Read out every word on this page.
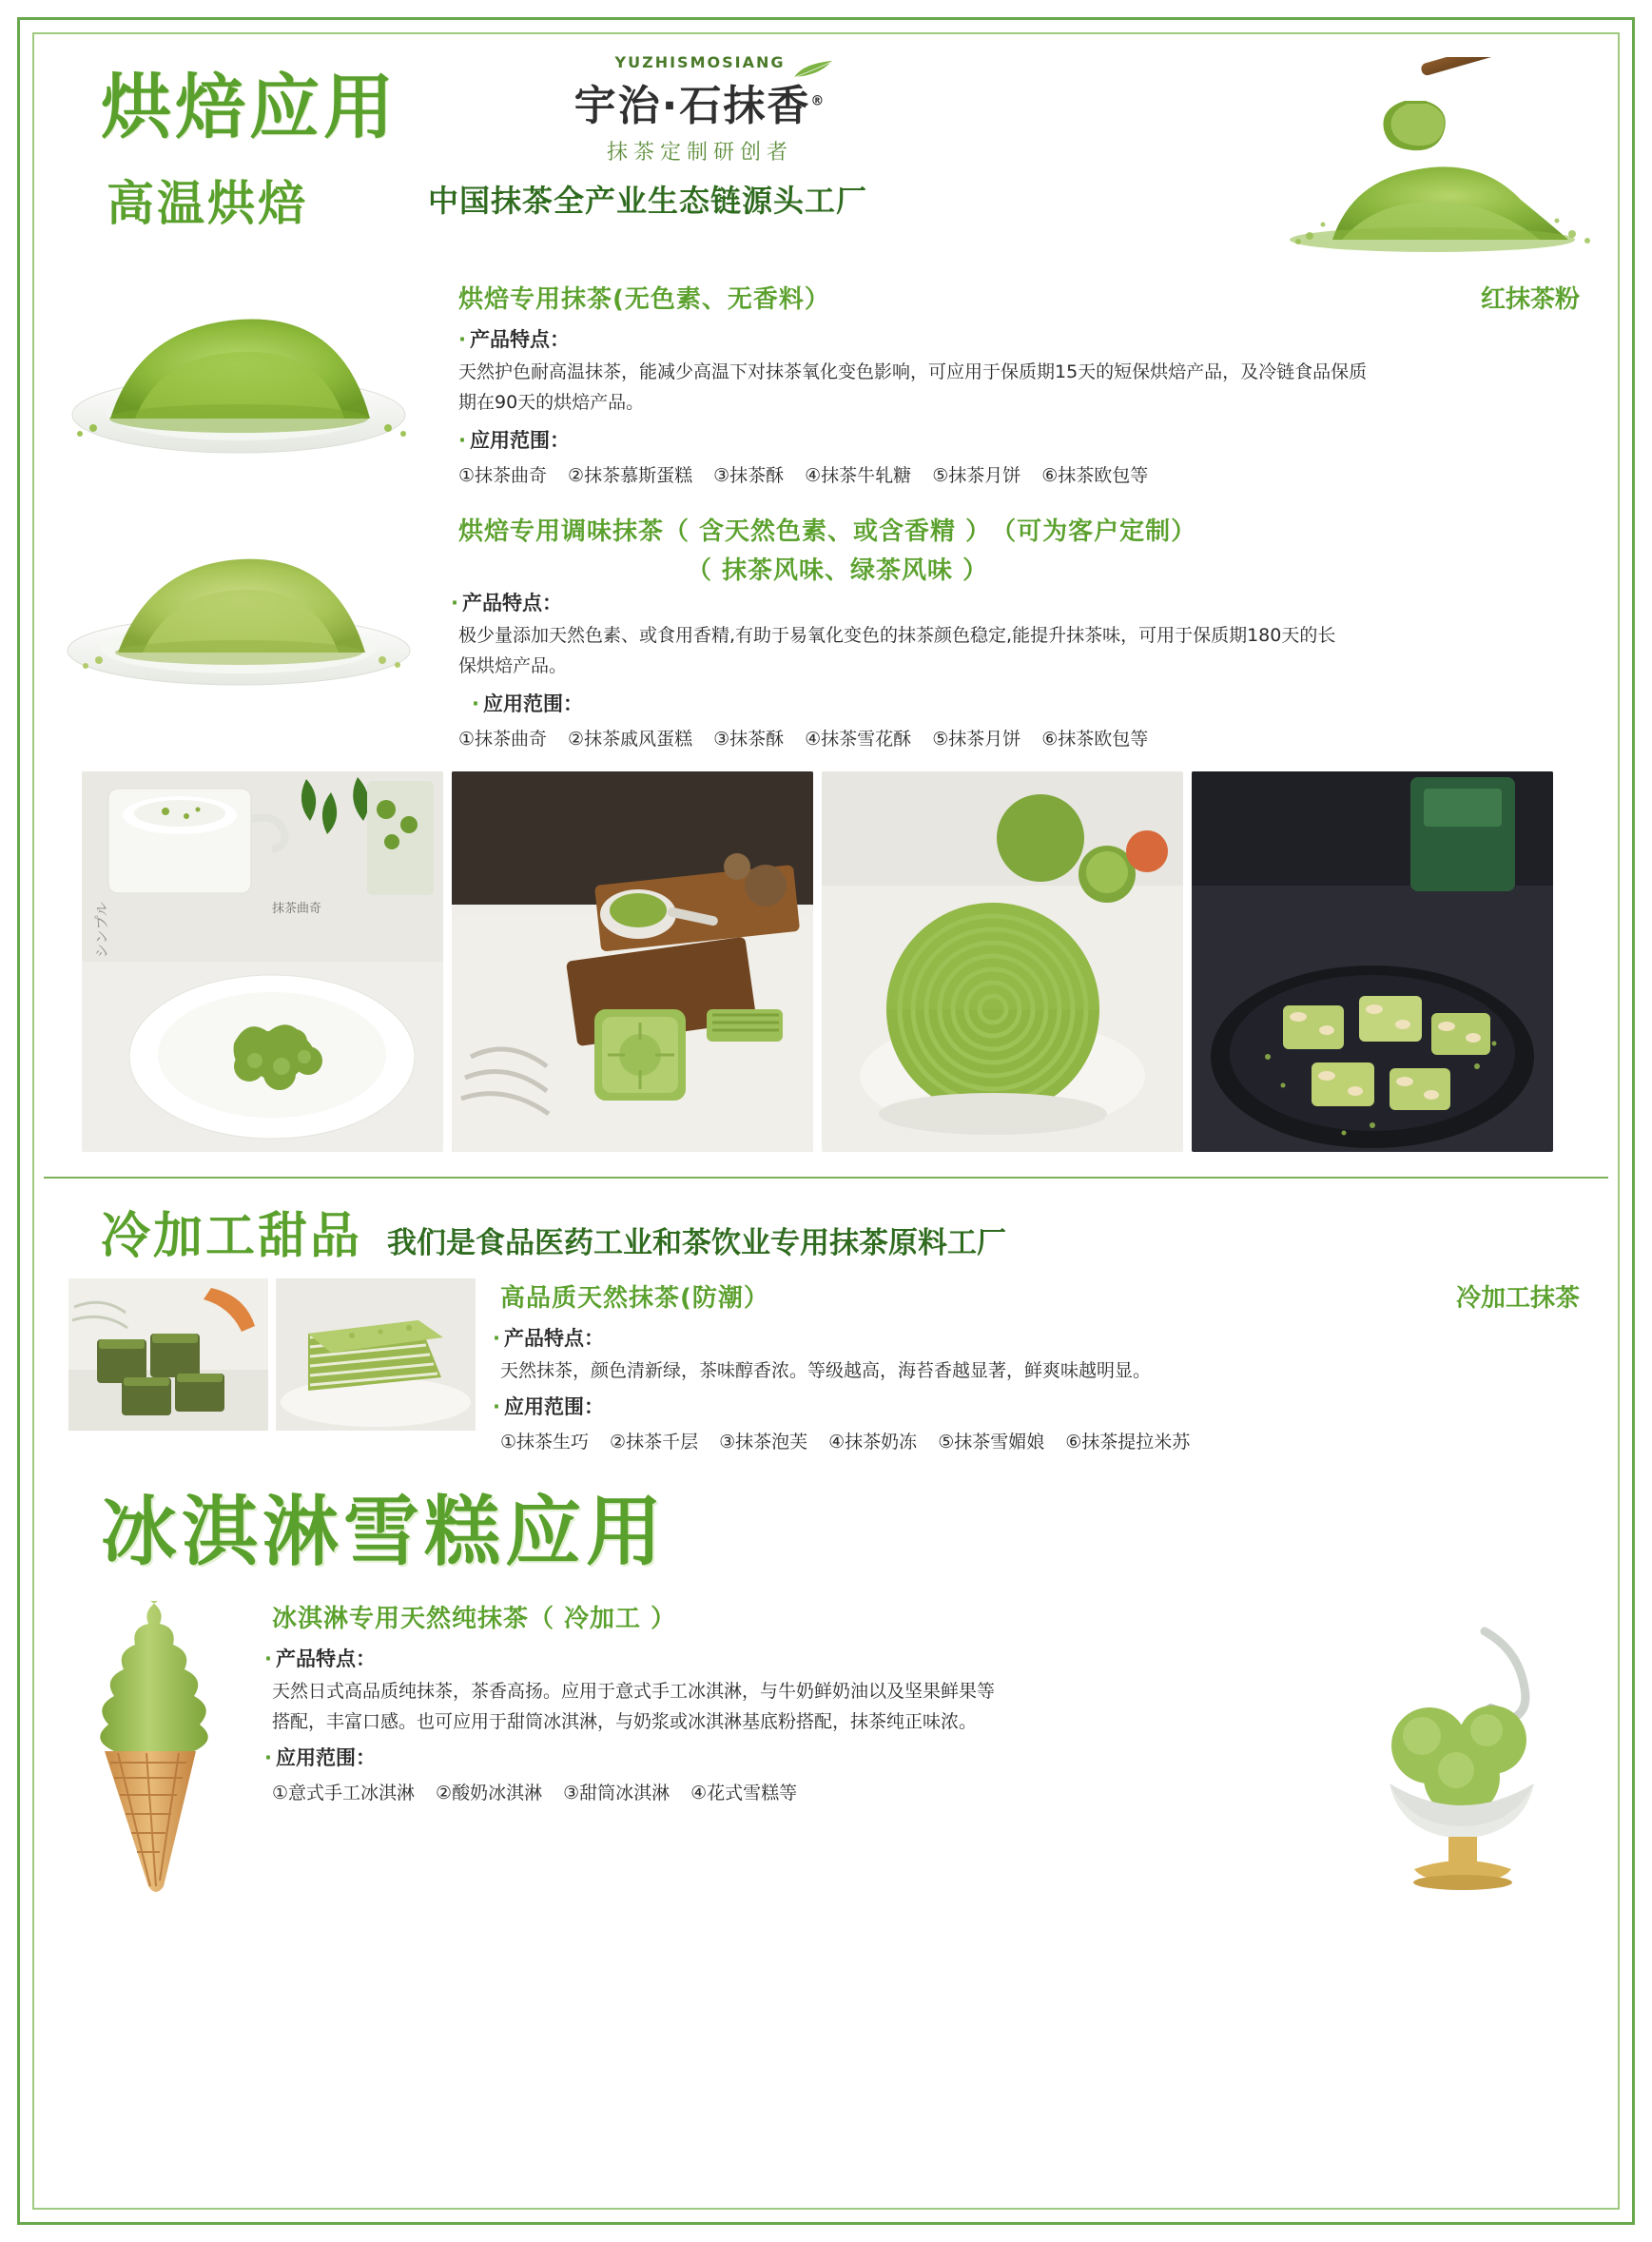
烘焙应用
高温烘焙	中国抹茶全产业生态链源头工厂
YUZHISMOSIANG
宇治·石抹香®
抹茶定制研创者
烘焙专用抹茶(无色素、无香料）	红抹茶粉
· 产品特点：
天然护色耐高温抹茶，能减少高温下对抹茶氧化变色影响，可应用于保质期15天的短保烘焙产品，及冷链食品保质期在90天的烘焙产品。
· 应用范围：
①抹茶曲奇 ②抹茶慕斯蛋糕 ③抹茶酥 ④抹茶牛轧糖 ⑤抹茶月饼 ⑥抹茶欧包等
烘焙专用调味抹茶（ 含天然色素、或含香精 ） （可为客户定制）
（ 抹茶风味、绿茶风味 ）
· 产品特点：
极少量添加天然色素、或食用香精,有助于易氧化变色的抹茶颜色稳定,能提升抹茶味，可用于保质期180天的长保烘焙产品。
· 应用范围：
①抹茶曲奇 ②抹茶戚风蛋糕 ③抹茶酥 ④抹茶雪花酥 ⑤抹茶月饼 ⑥抹茶欧包等
シンプル	抹茶曲奇
冷加工甜品 我们是食品医药工业和茶饮业专用抹茶原料工厂
高品质天然抹茶(防潮）	冷加工抹茶
· 产品特点：
天然抹茶，颜色清新绿，茶味醇香浓。等级越高，海苔香越显著，鲜爽味越明显。
· 应用范围：
①抹茶生巧 ②抹茶千层 ③抹茶泡芙 ④抹茶奶冻 ⑤抹茶雪媚娘 ⑥抹茶提拉米苏
冰淇淋雪糕应用
冰淇淋专用天然纯抹茶（ 冷加工 ）
· 产品特点：
天然日式高品质纯抹茶，茶香高扬。应用于意式手工冰淇淋，与牛奶鲜奶油以及坚果鲜果等搭配，丰富口感。也可应用于甜筒冰淇淋，与奶浆或冰淇淋基底粉搭配，抹茶纯正味浓。
· 应用范围：
①意式手工冰淇淋 ②酸奶冰淇淋 ③甜筒冰淇淋 ④花式雪糕等
